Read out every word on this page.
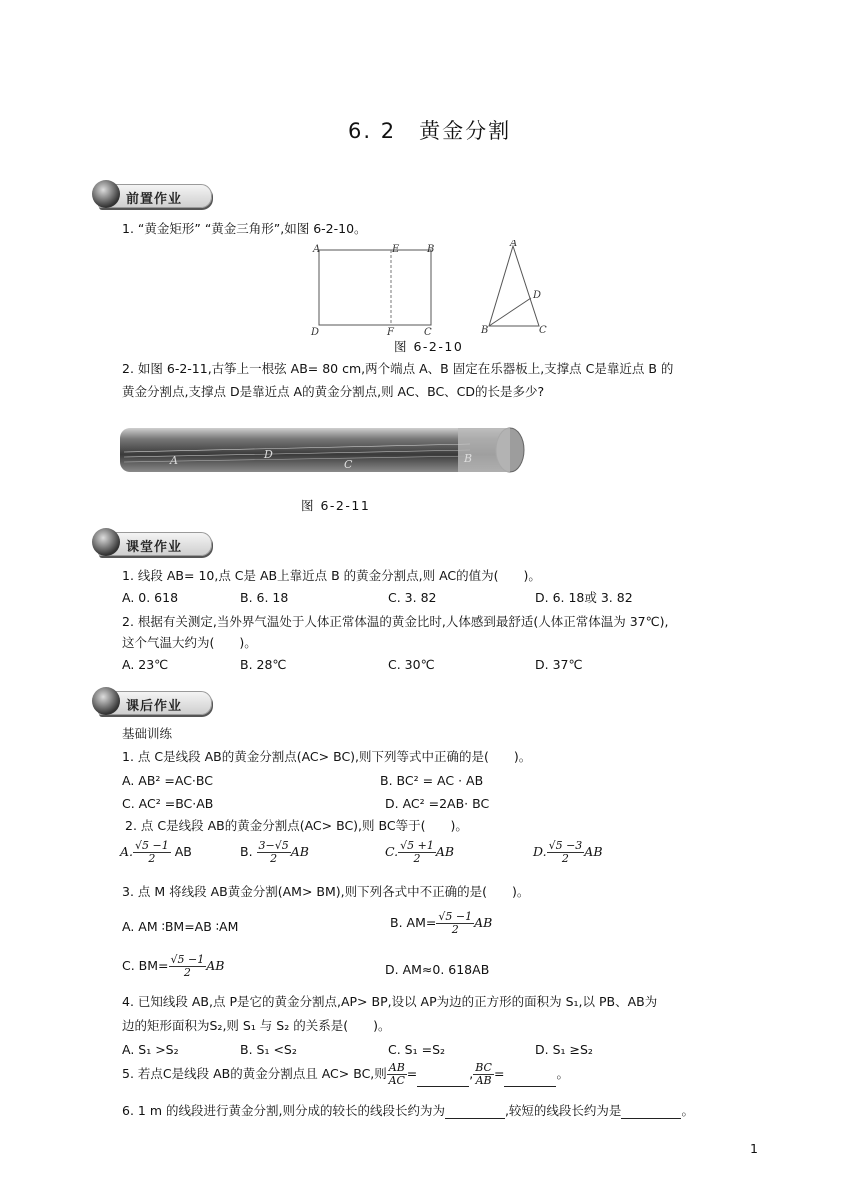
6. 2　黄金分割
前置作业
1. “黄金矩形” “黄金三角形”,如图 6-2-10。
A	E	B
D	F	C
A
D
B	C
图 6-2-10
2. 如图 6-2-11,古筝上一根弦 AB= 80 cm,两个端点 A、B 固定在乐器板上,支撑点 C是靠近点 B 的
黄金分割点,支撑点 D是靠近点 A的黄金分割点,则 AC、BC、CD的长是多少?
A	D
C	B
图 6-2-11
课堂作业
1. 线段 AB= 10,点 C是 AB上靠近点 B 的黄金分割点,则 AC的值为(　　)。
A. 0. 618	B. 6. 18	C. 3. 82	D. 6. 18或 3. 82
2. 根据有关测定,当外界气温处于人体正常体温的黄金比时,人体感到最舒适(人体正常体温为 37℃),
这个气温大约为(　　)。
A. 23℃	B. 28℃	C. 30℃	D. 37℃
课后作业
基础训练
1. 点 C是线段 AB的黄金分割点(AC> BC),则下列等式中正确的是(　　)。
A. AB² =AC·BC	B. BC² = AC · AB
C. AC² =BC·AB	D. AC² =2AB· BC
2. 点 C是线段 AB的黄金分割点(AC> BC),则 BC等于(　　)。
A. $\frac{√5 -1}{2}$ AB	B. $\frac{3-√5}{2}$ AB	C. $\frac{√5 +1}{2}$ AB	D. $\frac{√5 -3}{2}$ AB
3. 点 M 将线段 AB黄金分割(AM> BM),则下列各式中不正确的是(　　)。
A. AM ∶BM=AB ∶AM	B. $AM= \frac{√5 -1}{2}$ AB
C. $BM= \frac{√5 -1}{2}$ AB	D. AM≈0. 618AB
4. 已知线段 AB,点 P是它的黄金分割点,AP> BP,设以 AP为边的正方形的面积为 S₁,以 PB、AB为
边的矩形面积为S₂,则 S₁ 与 S₂ 的关系是(　　)。
A. S₁ >S₂	B. S₁ <S₂	C. S₁ =S₂	D. S₁ ≥S₂
5. 若点C是线段 AB的黄金分割点且 AC> BC,则 $\frac{AB}{AC}$ =	, $\frac{BC}{AB}$ =	。
6. 1 m 的线段进行黄金分割,则分成的较长的线段长约为为	,较短的线段长约为是	。
1
